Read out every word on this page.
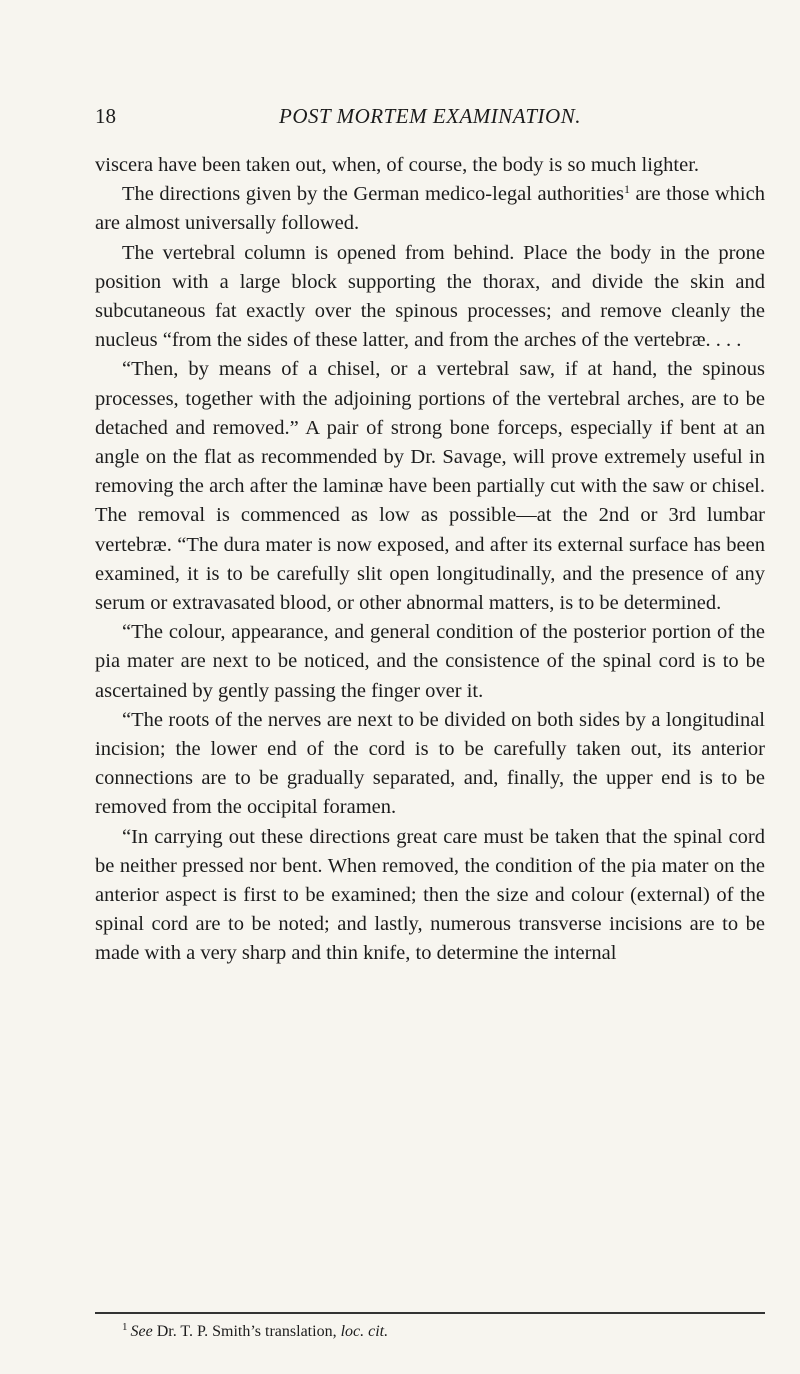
18	POST MORTEM EXAMINATION.

viscera have been taken out, when, of course, the body is so much lighter.

The directions given by the German medico-legal authorities$^1$ are those which are almost universally followed.

The vertebral column is opened from behind. Place the body in the prone position with a large block supporting the thorax, and divide the skin and subcutaneous fat exactly over the spinous processes; and remove cleanly the nucleus “from the sides of these latter, and from the arches of the vertebræ. . . .

“Then, by means of a chisel, or a vertebral saw, if at hand, the spinous processes, together with the adjoining portions of the vertebral arches, are to be detached and removed.” A pair of strong bone forceps, especially if bent at an angle on the flat as recommended by Dr. Savage, will prove extremely useful in removing the arch after the laminæ have been partially cut with the saw or chisel. The removal is commenced as low as possible—at the 2nd or 3rd lumbar vertebræ. “The dura mater is now exposed, and after its external surface has been examined, it is to be carefully slit open longitudinally, and the presence of any serum or extravasated blood, or other abnormal matters, is to be determined.

“The colour, appearance, and general condition of the posterior portion of the pia mater are next to be noticed, and the consistence of the spinal cord is to be ascertained by gently passing the finger over it.

“The roots of the nerves are next to be divided on both sides by a longitudinal incision; the lower end of the cord is to be carefully taken out, its anterior connections are to be gradually separated, and, finally, the upper end is to be removed from the occipital foramen.

“In carrying out these directions great care must be taken that the spinal cord be neither pressed nor bent. When removed, the condition of the pia mater on the anterior aspect is first to be examined; then the size and colour (external) of the spinal cord are to be noted; and lastly, numerous transverse incisions are to be made with a very sharp and thin knife, to determine the internal

$^1$ See Dr. T. P. Smith’s translation, loc. cit.
